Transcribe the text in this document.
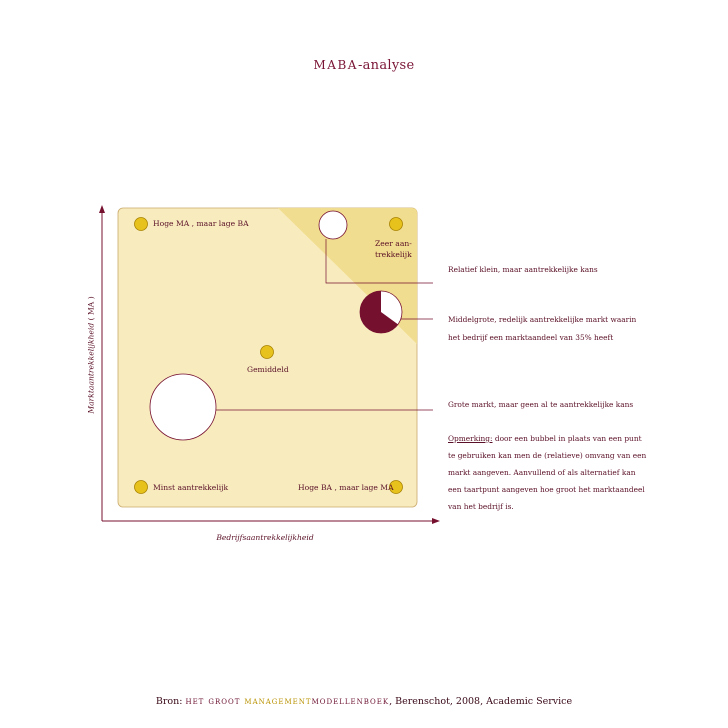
MABA-analyse
Hoge MA , maar lage BA
Zeer aan-
trekkelijk
Gemiddeld
Minst aantrekkelijk	Hoge BA , maar lage MA
Marktaantrekkelijkheid ( MA )
Bedrijfsaantrekkelijkheid
Relatief klein, maar aantrekkelijke kans
Middelgrote, redelijk aantrekkelijke markt waarin
het bedrijf een marktaandeel van 35% heeft
Grote markt, maar geen al te aantrekkelijke kans

Opmerking: door een bubbel in plaats van een punt

te gebruiken kan men de (relatieve) omvang van een

markt aangeven. Aanvullend of als alternatief kan

een taartpunt aangeven hoe groot het marktaandeel

van het bedrijf is.

Bron: het groot managementmodellenboek, Berenschot, 2008, Academic Service
